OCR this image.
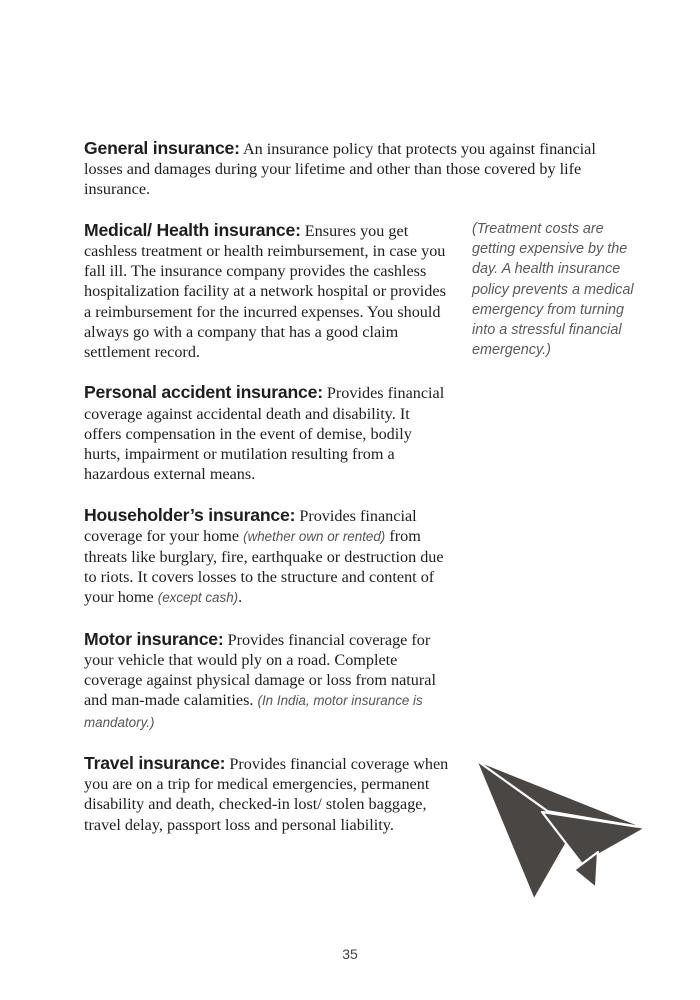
General insurance: An insurance policy that protects you against financial losses and damages during your lifetime and other than those covered by life insurance.

Medical/ Health insurance: Ensures you get cashless treatment or health reimbursement, in case you fall ill. The insurance company provides the cashless hospitalization facility at a network hospital or provides a reimbursement for the incurred expenses. You should always go with a company that has a good claim settlement record.

Personal accident insurance: Provides financial coverage against accidental death and disability. It offers compensation in the event of demise, bodily hurts, impairment or mutilation resulting from a hazardous external means.

Householder’s insurance: Provides financial coverage for your home (whether own or rented) from threats like burglary, fire, earthquake or destruction due to riots. It covers losses to the structure and content of your home (except cash).

Motor insurance: Provides financial coverage for your vehicle that would ply on a road. Complete coverage against physical damage or loss from natural and man-made calamities. (In India, motor insurance is mandatory.)

Travel insurance: Provides financial coverage when you are on a trip for medical emergencies, permanent disability and death, checked-in lost/ stolen baggage, travel delay, passport loss and personal liability.

(Treatment costs are getting expensive by the day. A health insurance policy prevents a medical emergency from turning into a stressful financial emergency.)
35
